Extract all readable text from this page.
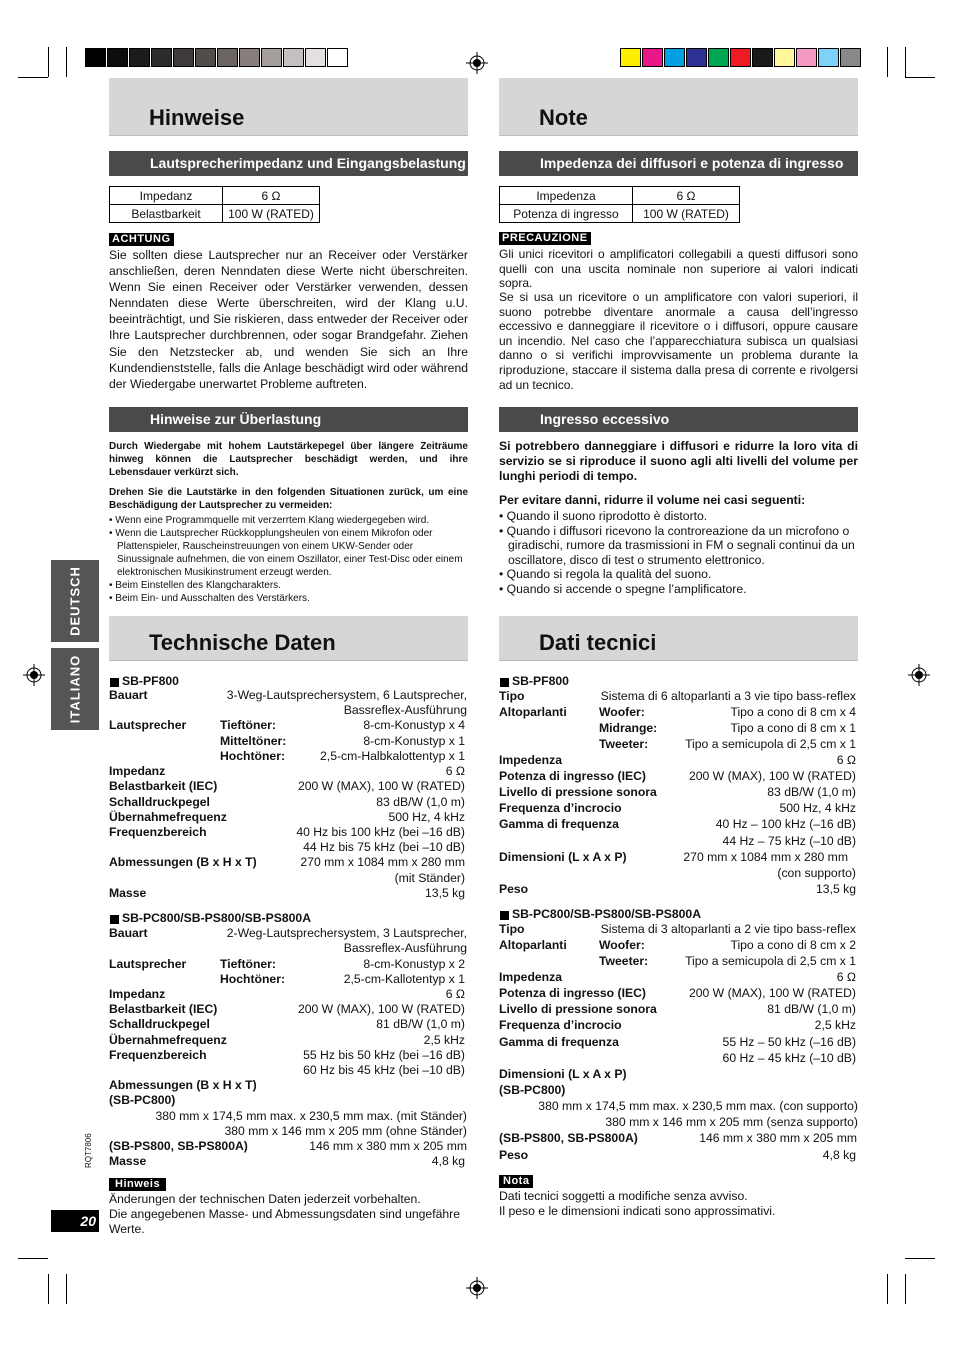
DEUTSCH
ITALIANO
RQT7806
20
Hinweise
Lautsprecherimpedanz und Eingangsbelastung
Impedanz	6 Ω
Belastbarkeit	100 W (RATED)
ACHTUNG
Sie sollten diese Lautsprecher nur an Receiver oder Verstärker anschließen, deren Nenndaten diese Werte nicht überschreiten. Wenn Sie einen Receiver oder Verstärker verwenden, dessen Nenndaten diese Werte überschreiten, wird der Klang u.U. beeinträchtigt, und Sie riskieren, dass entweder der Receiver oder Ihre Lautsprecher durchbrennen, oder sogar Brandgefahr. Ziehen Sie den Netzstecker ab, und wenden Sie sich an Ihre Kundendienststelle, falls die Anlage beschädigt wird oder während der Wiedergabe unerwartet Probleme auftreten.
Hinweise zur Überlastung
Durch Wiedergabe mit hohem Lautstärkepegel über längere Zeiträume hinweg können die Lautsprecher beschädigt werden, und ihre Lebensdauer verkürzt sich.
Drehen Sie die Lautstärke in den folgenden Situationen zurück, um eine Beschädigung der Lautsprecher zu vermeiden:
• Wenn eine Programmquelle mit verzerrtem Klang wiedergegeben wird.
• Wenn die Lautsprecher Rückkopplungsheulen von einem Mikrofon oder Plattenspieler, Rauscheinstreuungen von einem UKW-Sender oder Sinussignale aufnehmen, die von einem Oszillator, einer Test-Disc oder einem elektronischen Musikinstrument erzeugt werden.
• Beim Einstellen des Klangcharakters.
• Beim Ein- und Ausschalten des Verstärkers.
Technische Daten
SB-PF800
Bauart	3-Weg-Lautsprechersystem, 6 Lautsprecher,
Bassreflex-Ausführung
Lautsprecher	Tieftöner:	8-cm-Konustyp x 4
Mitteltöner:	8-cm-Konustyp x 1
Hochtöner:	2,5-cm-Halbkalottentyp x 1
Impedanz	6 Ω
Belastbarkeit (IEC)	200 W (MAX), 100 W (RATED)
Schalldruckpegel	83 dB/W (1,0 m)
Übernahmefrequenz	500 Hz, 4 kHz
Frequenzbereich	40 Hz bis 100 kHz (bei –16 dB)
44 Hz bis 75 kHz (bei –10 dB)
Abmessungen (B x H x T)	270 mm x 1084 mm x 280 mm
(mit Ständer)
Masse	13,5 kg
SB-PC800/SB-PS800/SB-PS800A
Bauart	2-Weg-Lautsprechersystem, 3 Lautsprecher,
Bassreflex-Ausführung
Lautsprecher	Tieftöner:	8-cm-Konustyp x 2
Hochtöner:	2,5-cm-Kallotentyp x 1
Impedanz	6 Ω
Belastbarkeit (IEC)	200 W (MAX), 100 W (RATED)
Schalldruckpegel	81 dB/W (1,0 m)
Übernahmefrequenz	2,5 kHz
Frequenzbereich	55 Hz bis 50 kHz (bei –16 dB)
60 Hz bis 45 kHz (bei –10 dB)
Abmessungen (B x H x T)
(SB-PC800)
380 mm x 174,5 mm max. x 230,5 mm max. (mit Ständer)
380 mm x 146 mm x 205 mm (ohne Ständer)
(SB-PS800, SB-PS800A)	146 mm x 380 mm x 205 mm
Masse	4,8 kg
Hinweis
Änderungen der technischen Daten jederzeit vorbehalten.
Die angegebenen Masse- und Abmessungsdaten sind ungefähre Werte.
Note
Impedenza dei diffusori e potenza di ingresso
Impedenza	6 Ω
Potenza di ingresso	100 W (RATED)
PRECAUZIONE
Gli unici ricevitori o amplificatori collegabili a questi diffusori sono quelli con una uscita nominale non superiore ai valori indicati sopra.
Se si usa un ricevitore o un amplificatore con valori superiori, il suono potrebbe diventare anormale a causa dell’ingresso eccessivo e danneggiare il ricevitore o i diffusori, oppure causare un incendio. Nel caso che l’apparecchiatura subisca un qualsiasi danno o si verifichi improvvisamente un problema durante la riproduzione, staccare il sistema dalla presa di corrente e rivolgersi ad un tecnico.
Ingresso eccessivo
Si potrebbero danneggiare i diffusori e ridurre la loro vita di servizio se si riproduce il suono agli alti livelli del volume per lunghi periodi di tempo.
Per evitare danni, ridurre il volume nei casi seguenti:
• Quando il suono riprodotto è distorto.
• Quando i diffusori ricevono la controreazione da un microfono o giradischi, rumore da trasmissioni in FM o segnali continui da un oscillatore, disco di test o strumento elettronico.
• Quando si regola la qualità del suono.
• Quando si accende o spegne l’amplificatore.
Dati tecnici
SB-PF800
Tipo	Sistema di 6 altoparlanti a 3 vie tipo bass-reflex
Altoparlanti	Woofer:	Tipo a cono di 8 cm x 4
Midrange:	Tipo a cono di 8 cm x 1
Tweeter:	Tipo a semicupola di 2,5 cm x 1
Impedenza	6 Ω
Potenza di ingresso (IEC)	200 W (MAX), 100 W (RATED)
Livello di pressione sonora	83 dB/W (1,0 m)
Frequenza d’incrocio	500 Hz, 4 kHz
Gamma di frequenza	40 Hz – 100 kHz (–16 dB)
44 Hz – 75 kHz (–10 dB)
Dimensioni (L x A x P)	270 mm x 1084 mm x 280 mm
(con supporto)
Peso	13,5 kg
SB-PC800/SB-PS800/SB-PS800A
Tipo	Sistema di 3 altoparlanti a 2 vie tipo bass-reflex
Altoparlanti	Woofer:	Tipo a cono di 8 cm x 2
Tweeter:	Tipo a semicupola di 2,5 cm x 1
Impedenza	6 Ω
Potenza di ingresso (IEC)	200 W (MAX), 100 W (RATED)
Livello di pressione sonora	81 dB/W (1,0 m)
Frequenza d’incrocio	2,5 kHz
Gamma di frequenza	55 Hz – 50 kHz (–16 dB)
60 Hz – 45 kHz (–10 dB)
Dimensioni (L x A x P)
(SB-PC800)
380 mm x 174,5 mm max. x 230,5 mm max. (con supporto)
380 mm x 146 mm x 205 mm (senza supporto)
(SB-PS800, SB-PS800A)	146 mm x 380 mm x 205 mm
Peso	4,8 kg
Nota
Dati tecnici soggetti a modifiche senza avviso.
Il peso e le dimensioni indicati sono approssimativi.
